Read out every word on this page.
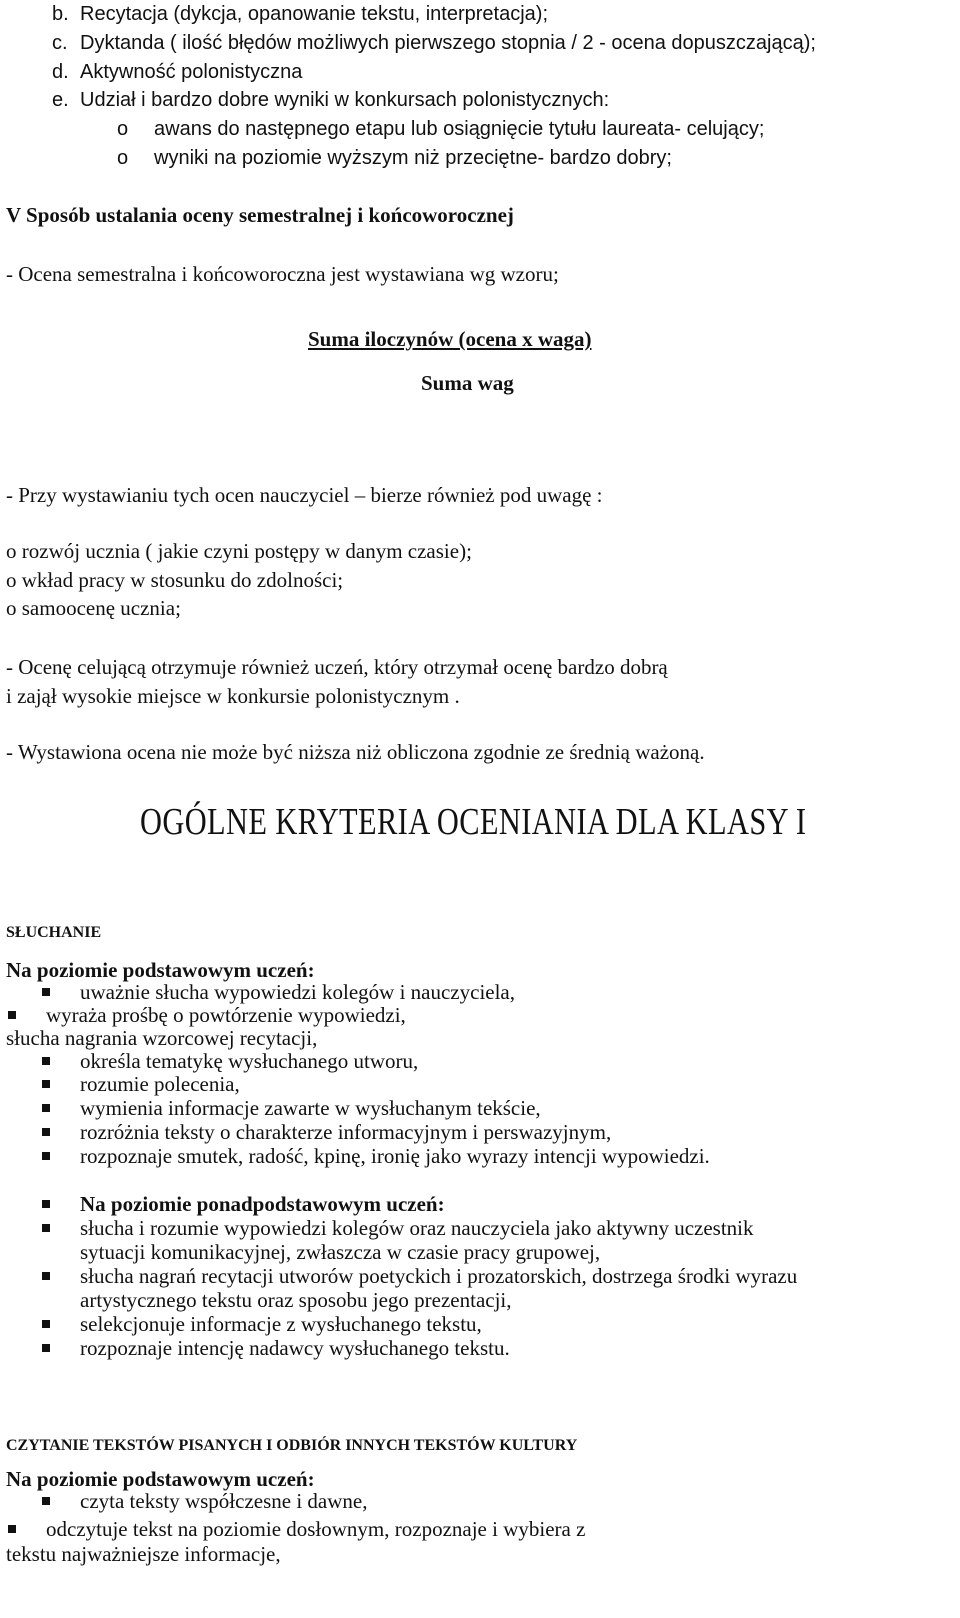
b. Recytacja (dykcja, opanowanie tekstu, interpretacja);
c. Dyktanda ( ilość błędów możliwych pierwszego stopnia / 2 - ocena dopuszczającą);
d. Aktywność polonistyczna
e. Udział i bardzo dobre wyniki w konkursach polonistycznych:
o awans do następnego etapu lub osiągnięcie tytułu laureata- celujący;
o wyniki na poziomie wyższym niż przeciętne- bardzo dobry;
V Sposób ustalania oceny semestralnej i końcoworocznej
- Ocena semestralna i końcoworoczna jest wystawiana wg wzoru;
Suma iloczynów (ocena x waga)
Suma wag
- Przy wystawianiu tych ocen nauczyciel – bierze również pod uwagę :
o rozwój ucznia ( jakie czyni postępy w danym czasie);
o wkład pracy w stosunku do zdolności;
o samoocenę ucznia;
- Ocenę celującą otrzymuje również uczeń, który otrzymał ocenę bardzo dobrą
i zajął wysokie miejsce w konkursie polonistycznym .
- Wystawiona ocena nie może być niższa niż obliczona zgodnie ze średnią ważoną.
OGÓLNE KRYTERIA OCENIANIA DLA KLASY I
SŁUCHANIE
Na poziomie podstawowym uczeń:
uważnie słucha wypowiedzi kolegów i nauczyciela,
wyraża prośbę o powtórzenie wypowiedzi,
słucha nagrania wzorcowej recytacji,
określa tematykę wysłuchanego utworu,
rozumie polecenia,
wymienia informacje zawarte w wysłuchanym tekście,
rozróżnia teksty o charakterze informacyjnym i perswazyjnym,
rozpoznaje smutek, radość, kpinę, ironię jako wyrazy intencji wypowiedzi.
Na poziomie ponadpodstawowym uczeń:
słucha i rozumie wypowiedzi kolegów oraz nauczyciela jako aktywny uczestnik
sytuacji komunikacyjnej, zwłaszcza w czasie pracy grupowej,
słucha nagrań recytacji utworów poetyckich i prozatorskich, dostrzega środki wyrazu
artystycznego tekstu oraz sposobu jego prezentacji,
selekcjonuje informacje z wysłuchanego tekstu,
rozpoznaje intencję nadawcy wysłuchanego tekstu.
CZYTANIE TEKSTÓW PISANYCH I ODBIÓR INNYCH TEKSTÓW KULTURY
Na poziomie podstawowym uczeń:
czyta teksty współczesne i dawne,
odczytuje tekst na poziomie dosłownym, rozpoznaje i wybiera z
tekstu najważniejsze informacje,
